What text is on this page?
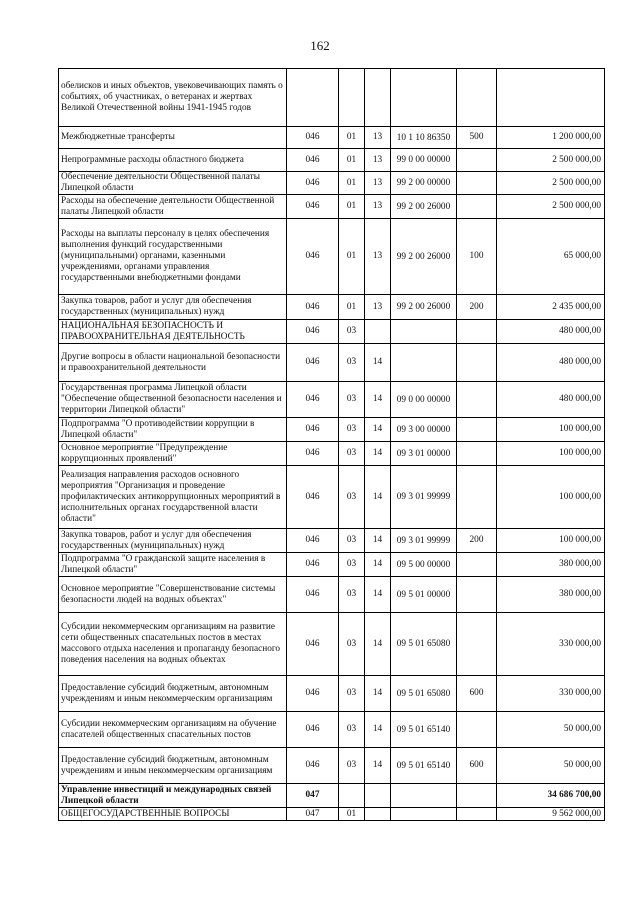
162
обелисков и иных объектов, увековечивающих память о событиях, об участниках, о ветеранах и жертвах Великой Отечественной войны 1941-1945 годов						
Межбюджетные трансферты	046	01	13	10 1 10 86350	500	1 200 000,00
Непрограммные расходы областного бюджета	046	01	13	99 0 00 00000		2 500 000,00
Обеспечение деятельности Общественной палаты Липецкой области	046	01	13	99 2 00 00000		2 500 000,00
Расходы на обеспечение деятельности Общественной палаты Липецкой области	046	01	13	99 2 00 26000		2 500 000,00
Расходы на выплаты персоналу в целях обеспечения выполнения функций государственными (муниципальными) органами, казенными учреждениями, органами управления государственными внебюджетными фондами	046	01	13	99 2 00 26000	100	65 000,00
Закупка товаров, работ и услуг для обеспечения государственных (муниципальных) нужд	046	01	13	99 2 00 26000	200	2 435 000,00
НАЦИОНАЛЬНАЯ БЕЗОПАСНОСТЬ И ПРАВООХРАНИТЕЛЬНАЯ ДЕЯТЕЛЬНОСТЬ	046	03				480 000,00
Другие вопросы в области национальной безопасности и правоохранительной деятельности	046	03	14			480 000,00
Государственная программа Липецкой области "Обеспечение общественной безопасности населения и территории Липецкой области"	046	03	14	09 0 00 00000		480 000,00
Подпрограмма "О противодействии коррупции в Липецкой области"	046	03	14	09 3 00 00000		100 000,00
Основное мероприятие "Предупреждение коррупционных проявлений"	046	03	14	09 3 01 00000		100 000,00
Реализация направления расходов основного мероприятия "Организация и проведение профилактических антикоррупционных мероприятий в исполнительных органах государственной власти области"	046	03	14	09 3 01 99999		100 000,00
Закупка товаров, работ и услуг для обеспечения государственных (муниципальных) нужд	046	03	14	09 3 01 99999	200	100 000,00
Подпрограмма "О гражданской защите населения в Липецкой области"	046	03	14	09 5 00 00000		380 000,00
Основное мероприятие "Совершенствование системы безопасности людей на водных объектах"	046	03	14	09 5 01 00000		380 000,00
Субсидии некоммерческим организациям на развитие сети общественных спасательных постов в местах массового отдыха населения и пропаганду безопасного поведения населения на водных объектах	046	03	14	09 5 01 65080		330 000,00
Предоставление субсидий бюджетным, автономным учреждениям и иным некоммерческим организациям	046	03	14	09 5 01 65080	600	330 000,00
Субсидии некоммерческим организациям на обучение спасателей общественных спасательных постов	046	03	14	09 5 01 65140		50 000,00
Предоставление субсидий бюджетным, автономным учреждениям и иным некоммерческим организациям	046	03	14	09 5 01 65140	600	50 000,00
Управление инвестиций и международных связей Липецкой области	047					34 686 700,00
ОБЩЕГОСУДАРСТВЕННЫЕ ВОПРОСЫ	047	01				9 562 000,00
